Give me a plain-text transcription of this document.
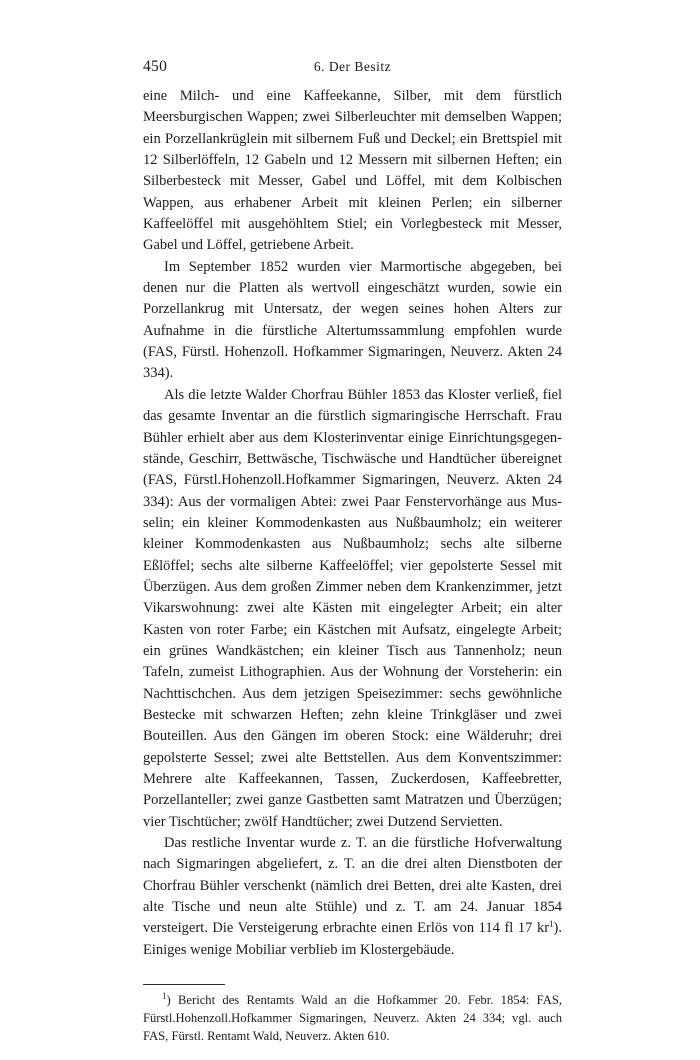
450	6. Der Besitz

eine Milch- und eine Kaffeekanne, Silber, mit dem fürstlich Meersburgischen Wappen; zwei Silberleuchter mit demselben Wappen; ein Porzellankrüglein mit silbernem Fuß und Deckel; ein Brettspiel mit 12 Silberlöffeln, 12 Gabeln und 12 Messern mit silbernen Heften; ein Silberbesteck mit Messer, Gabel und Löffel, mit dem Kolbischen Wappen, aus erhabener Arbeit mit kleinen Perlen; ein silberner Kaffeelöffel mit ausgehöhltem Stiel; ein Vorlegbesteck mit Messer, Gabel und Löffel, getriebene Arbeit.

Im September 1852 wurden vier Marmortische abgegeben, bei denen nur die Platten als wertvoll eingeschätzt wurden, sowie ein Porzellankrug mit Untersatz, der wegen seines hohen Alters zur Aufnahme in die fürstliche Altertumssammlung empfohlen wurde (FAS, Fürstl. Hohenzoll. Hofkammer Sigmaringen, Neuverz. Akten 24 334).

Als die letzte Walder Chorfrau Bühler 1853 das Kloster verließ, fiel das gesamte Inventar an die fürstlich sigmaringische Herrschaft. Frau Bühler erhielt aber aus dem Klosterinventar einige Einrichtungsgegenstände, Geschirr, Bettwäsche, Tischwäsche und Handtücher übereignet (FAS, Fürstl.Hohenzoll.Hofkammer Sigmaringen, Neuverz. Akten 24 334): Aus der vormaligen Abtei: zwei Paar Fenstervorhänge aus Musselin; ein kleiner Kommodenkasten aus Nußbaumholz; ein weiterer kleiner Kommodenkasten aus Nußbaumholz; sechs alte silberne Eßlöffel; sechs alte silberne Kaffeelöffel; vier gepolsterte Sessel mit Überzügen. Aus dem großen Zimmer neben dem Krankenzimmer, jetzt Vikarswohnung: zwei alte Kästen mit eingelegter Arbeit; ein alter Kasten von roter Farbe; ein Kästchen mit Aufsatz, eingelegte Arbeit; ein grünes Wandkästchen; ein kleiner Tisch aus Tannenholz; neun Tafeln, zumeist Lithographien. Aus der Wohnung der Vorsteherin: ein Nachttischchen. Aus dem jetzigen Speisezimmer: sechs gewöhnliche Bestecke mit schwarzen Heften; zehn kleine Trinkgläser und zwei Bouteillen. Aus den Gängen im oberen Stock: eine Wälderuhr; drei gepolsterte Sessel; zwei alte Bettstellen. Aus dem Konventszimmer: Mehrere alte Kaffeekannen, Tassen, Zuckerdosen, Kaffeebretter, Porzellanteller; zwei ganze Gastbetten samt Matratzen und Überzügen; vier Tischtücher; zwölf Handtücher; zwei Dutzend Servietten.

Das restliche Inventar wurde z. T. an die fürstliche Hofverwaltung nach Sigmaringen abgeliefert, z. T. an die drei alten Dienstboten der Chorfrau Bühler verschenkt (nämlich drei Betten, drei alte Kasten, drei alte Tische und neun alte Stühle) und z. T. am 24. Januar 1854 versteigert. Die Versteigerung erbrachte einen Erlös von 114 fl 17 $kr^1$). Einiges wenige Mobiliar verblieb im Klostergebäude.

$^1$) Bericht des Rentamts Wald an die Hofkammer 20. Febr. 1854: FAS, Fürstl.Hohenzoll.Hofkammer Sigmaringen, Neuverz. Akten 24 334; vgl. auch FAS, Fürstl. Rentamt Wald, Neuverz. Akten 610.
